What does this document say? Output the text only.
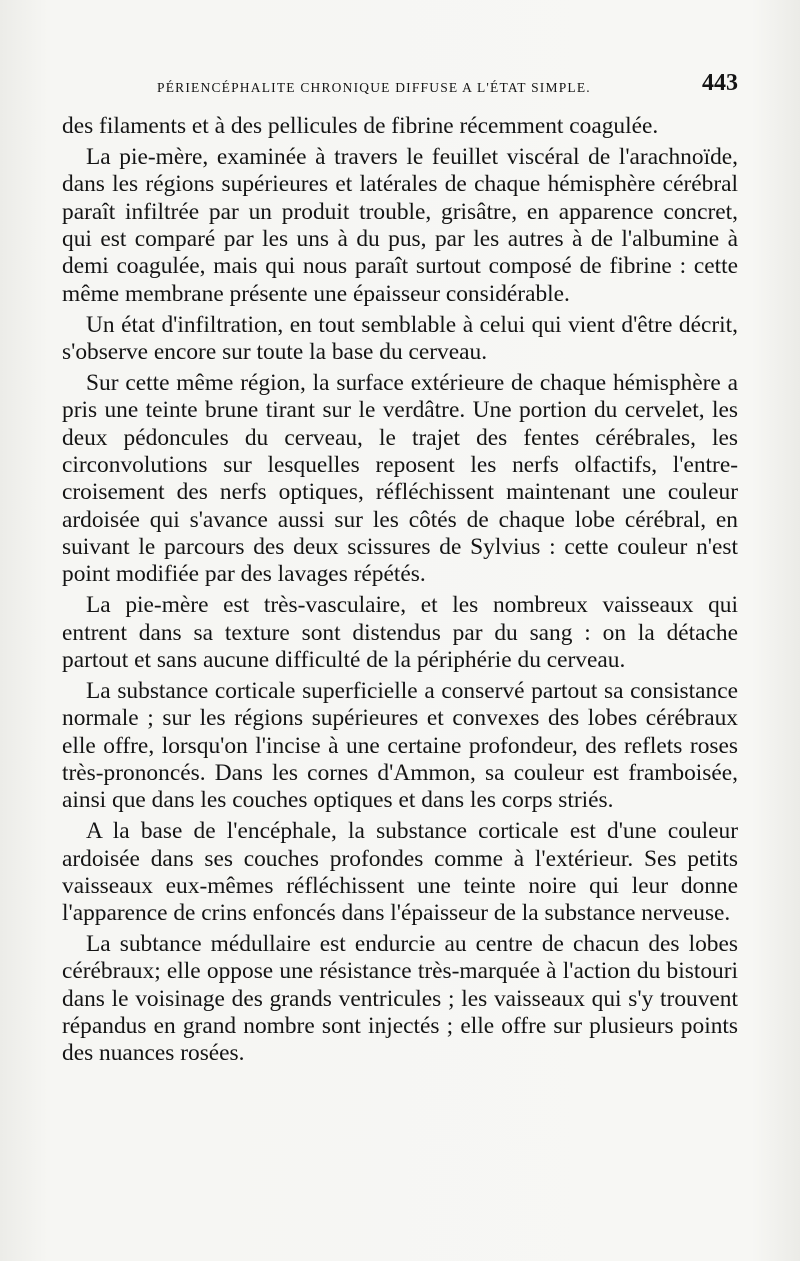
PÉRIENCÉPHALITE CHRONIQUE DIFFUSE A L'ÉTAT SIMPLE.	443

des filaments et à des pellicules de fibrine récemment coagulée.

La pie-mère, examinée à travers le feuillet viscéral de l'arachnoïde, dans les régions supérieures et latérales de chaque hémisphère cérébral paraît infiltrée par un produit trouble, grisâtre, en apparence concret, qui est comparé par les uns à du pus, par les autres à de l'albumine à demi coagulée, mais qui nous paraît surtout composé de fibrine : cette même membrane présente une épaisseur considérable.

Un état d'infiltration, en tout semblable à celui qui vient d'être décrit, s'observe encore sur toute la base du cerveau.

Sur cette même région, la surface extérieure de chaque hémisphère a pris une teinte brune tirant sur le verdâtre. Une portion du cervelet, les deux pédoncules du cerveau, le trajet des fentes cérébrales, les circonvolutions sur lesquelles reposent les nerfs olfactifs, l'entre-croisement des nerfs optiques, réfléchissent maintenant une couleur ardoisée qui s'avance aussi sur les côtés de chaque lobe cérébral, en suivant le parcours des deux scissures de Sylvius : cette couleur n'est point modifiée par des lavages répétés.

La pie-mère est très-vasculaire, et les nombreux vaisseaux qui entrent dans sa texture sont distendus par du sang : on la détache partout et sans aucune difficulté de la périphérie du cerveau.

La substance corticale superficielle a conservé partout sa consistance normale ; sur les régions supérieures et convexes des lobes cérébraux elle offre, lorsqu'on l'incise à une certaine profondeur, des reflets roses très-prononcés. Dans les cornes d'Ammon, sa couleur est framboisée, ainsi que dans les couches optiques et dans les corps striés.

A la base de l'encéphale, la substance corticale est d'une couleur ardoisée dans ses couches profondes comme à l'extérieur. Ses petits vaisseaux eux-mêmes réfléchissent une teinte noire qui leur donne l'apparence de crins enfoncés dans l'épaisseur de la substance nerveuse.

La subtance médullaire est endurcie au centre de chacun des lobes cérébraux; elle oppose une résistance très-marquée à l'action du bistouri dans le voisinage des grands ventricules ; les vaisseaux qui s'y trouvent répandus en grand nombre sont injectés ; elle offre sur plusieurs points des nuances rosées.
